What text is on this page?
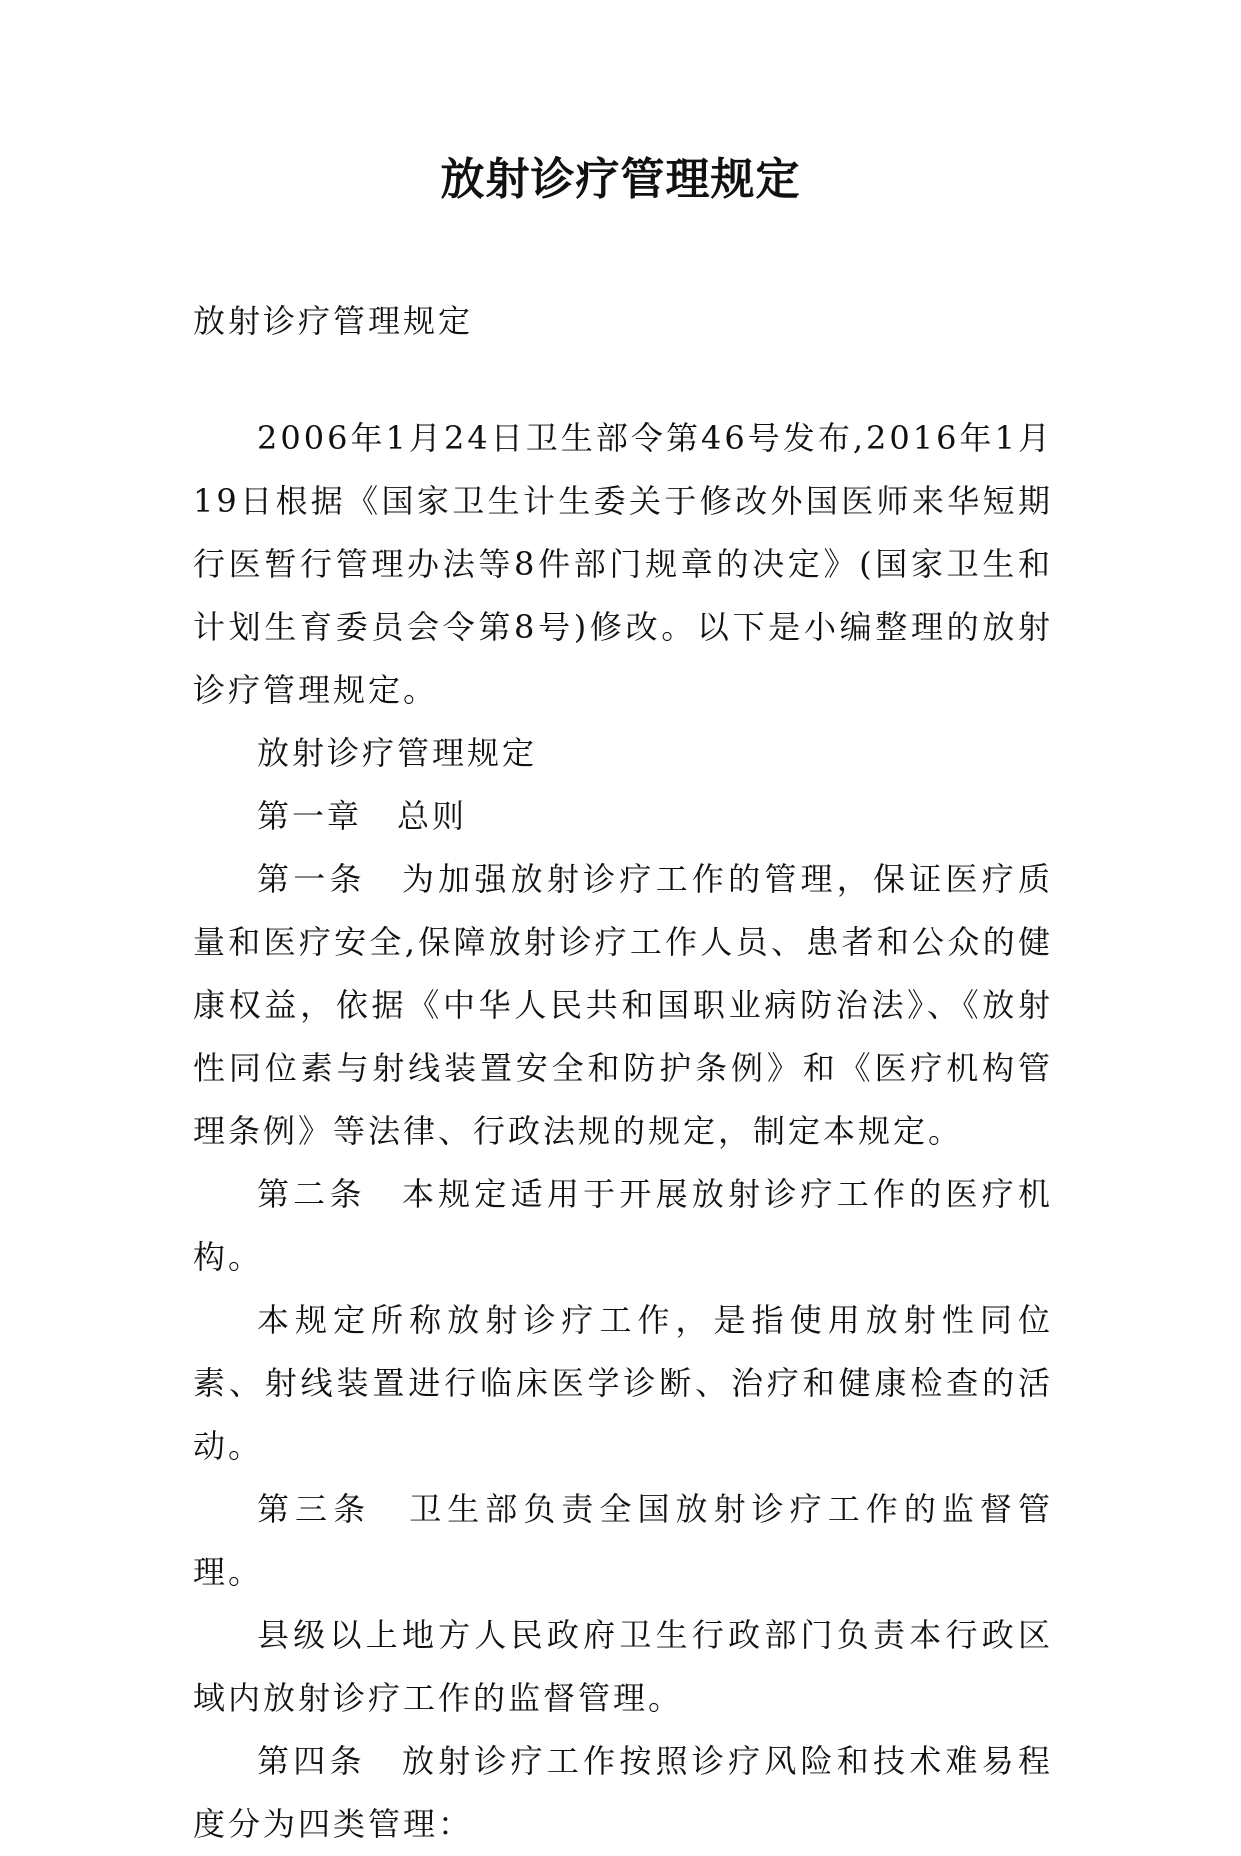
放射诊疗管理规定

放射诊疗管理规定

2006年1月24日卫生部令第46号发布,2016年1月19日根据《国家卫生计生委关于修改外国医师来华短期行医暂行管理办法等8件部门规章的决定》(国家卫生和计划生育委员会令第8号)修改。以下是小编整理的放射诊疗管理规定。

放射诊疗管理规定

第一章　总则

第一条　为加强放射诊疗工作的管理，保证医疗质量和医疗安全,保障放射诊疗工作人员、患者和公众的健康权益，依据《中华人民共和国职业病防治法》、《放射性同位素与射线装置安全和防护条例》和《医疗机构管理条例》等法律、行政法规的规定，制定本规定。

第二条　本规定适用于开展放射诊疗工作的医疗机构。

本规定所称放射诊疗工作，是指使用放射性同位素、射线装置进行临床医学诊断、治疗和健康检查的活动。

第三条　卫生部负责全国放射诊疗工作的监督管理。

县级以上地方人民政府卫生行政部门负责本行政区域内放射诊疗工作的监督管理。

第四条　放射诊疗工作按照诊疗风险和技术难易程度分为四类管理：
